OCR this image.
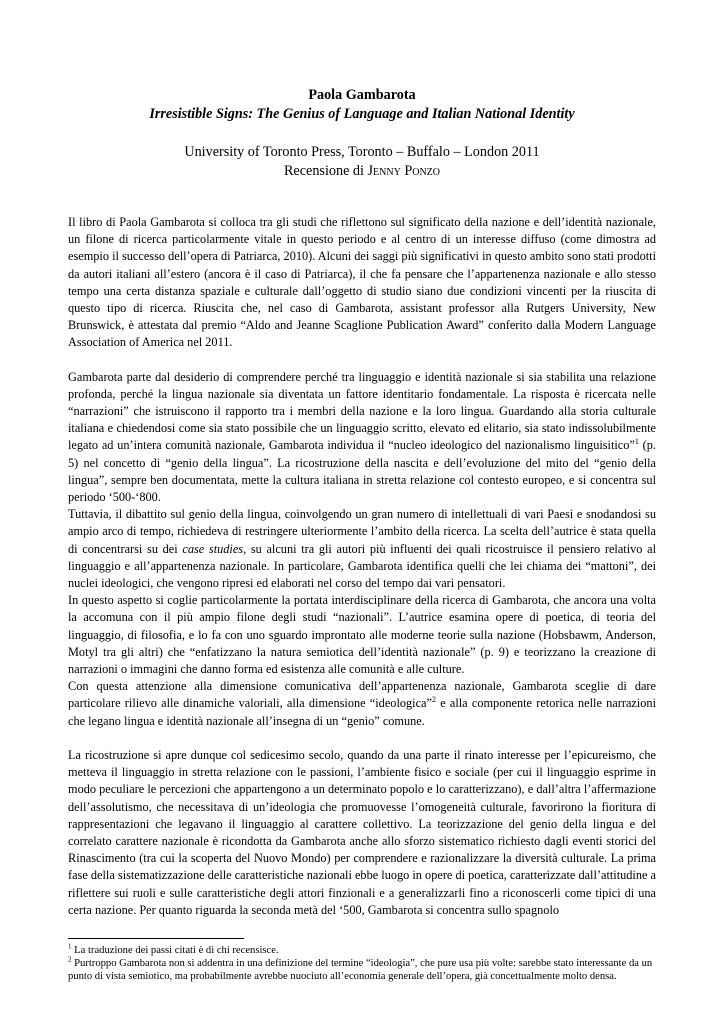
Paola Gambarota
Irresistible Signs: The Genius of Language and Italian National Identity
University of Toronto Press, Toronto – Buffalo – London 2011
Recensione di Jenny Ponzo

Il libro di Paola Gambarota si colloca tra gli studi che riflettono sul significato della nazione e dell’identità nazionale, un filone di ricerca particolarmente vitale in questo periodo e al centro di un interesse diffuso (come dimostra ad esempio il successo dell’opera di Patriarca, 2010). Alcuni dei saggi più significativi in questo ambito sono stati prodotti da autori italiani all’estero (ancora è il caso di Patriarca), il che fa pensare che l’appartenenza nazionale e allo stesso tempo una certa distanza spaziale e culturale dall’oggetto di studio siano due condizioni vincenti per la riuscita di questo tipo di ricerca. Riuscita che, nel caso di Gambarota, assistant professor alla Rutgers University, New Brunswick, è attestata dal premio “Aldo and Jeanne Scaglione Publication Award” conferito dalla Modern Language Association of America nel 2011.

Gambarota parte dal desiderio di comprendere perché tra linguaggio e identità nazionale si sia stabilita una relazione profonda, perché la lingua nazionale sia diventata un fattore identitario fondamentale. La risposta è ricercata nelle “narrazioni” che istruiscono il rapporto tra i membri della nazione e la loro lingua. Guardando alla storia culturale italiana e chiedendosi come sia stato possibile che un linguaggio scritto, elevato ed elitario, sia stato indissolubilmente legato ad un’intera comunità nazionale, Gambarota individua il “nucleo ideologico del nazionalismo linguisitico”$^1$ (p. 5) nel concetto di “genio della lingua”. La ricostruzione della nascita e dell’evoluzione del mito del “genio della lingua”, sempre ben documentata, mette la cultura italiana in stretta relazione col contesto europeo, e si concentra sul periodo ‘500-‘800.

Tuttavia, il dibattito sul genio della lingua, coinvolgendo un gran numero di intellettuali di vari Paesi e snodandosi su ampio arco di tempo, richiedeva di restringere ulteriormente l’ambito della ricerca. La scelta dell’autrice è stata quella di concentrarsi su dei case studies, su alcuni tra gli autori più influenti dei quali ricostruisce il pensiero relativo al linguaggio e all’appartenenza nazionale. In particolare, Gambarota identifica quelli che lei chiama dei “mattoni”, dei nuclei ideologici, che vengono ripresi ed elaborati nel corso del tempo dai vari pensatori.

In questo aspetto si coglie particolarmente la portata interdisciplinare della ricerca di Gambarota, che ancora una volta la accomuna con il più ampio filone degli studi “nazionali”. L’autrice esamina opere di poetica, di teoria del linguaggio, di filosofia, e lo fa con uno sguardo improntato alle moderne teorie sulla nazione (Hobsbawm, Anderson, Motyl tra gli altri) che “enfatizzano la natura semiotica dell’identità nazionale” (p. 9) e teorizzano la creazione di narrazioni o immagini che danno forma ed esistenza alle comunità e alle culture.

Con questa attenzione alla dimensione comunicativa dell’appartenenza nazionale, Gambarota sceglie di dare particolare rilievo alle dinamiche valoriali, alla dimensione “ideologica”$^2$ e alla componente retorica nelle narrazioni che legano lingua e identità nazionale all’insegna di un “genio” comune.

La ricostruzione si apre dunque col sedicesimo secolo, quando da una parte il rinato interesse per l’epicureismo, che metteva il linguaggio in stretta relazione con le passioni, l’ambiente fisico e sociale (per cui il linguaggio esprime in modo peculiare le percezioni che appartengono a un determinato popolo e lo caratterizzano), e dall’altra l’affermazione dell’assolutismo, che necessitava di un’ideologia che promuovesse l’omogeneità culturale, favorirono la fioritura di rappresentazioni che legavano il linguaggio al carattere collettivo. La teorizzazione del genio della lingua e del correlato carattere nazionale è ricondotta da Gambarota anche allo sforzo sistematico richiesto dagli eventi storici del Rinascimento (tra cui la scoperta del Nuovo Mondo) per comprendere e razionalizzare la diversità culturale. La prima fase della sistematizzazione delle caratteristiche nazionali ebbe luogo in opere di poetica, caratterizzate dall’attitudine a riflettere sui ruoli e sulle caratteristiche degli attori finzionali e a generalizzarli fino a riconoscerli come tipici di una certa nazione. Per quanto riguarda la seconda metà del ‘500, Gambarota si concentra sullo spagnolo

$^1$ La traduzione dei passi citati è di chi recensisce.

$^2$ Purtroppo Gambarota non si addentra in una definizione del termine “ideologia”, che pure usa più volte: sarebbe stato interessante da un punto di vista semiotico, ma probabilmente avrebbe nuociuto all’economia generale dell’opera, già concettualmente molto densa.
